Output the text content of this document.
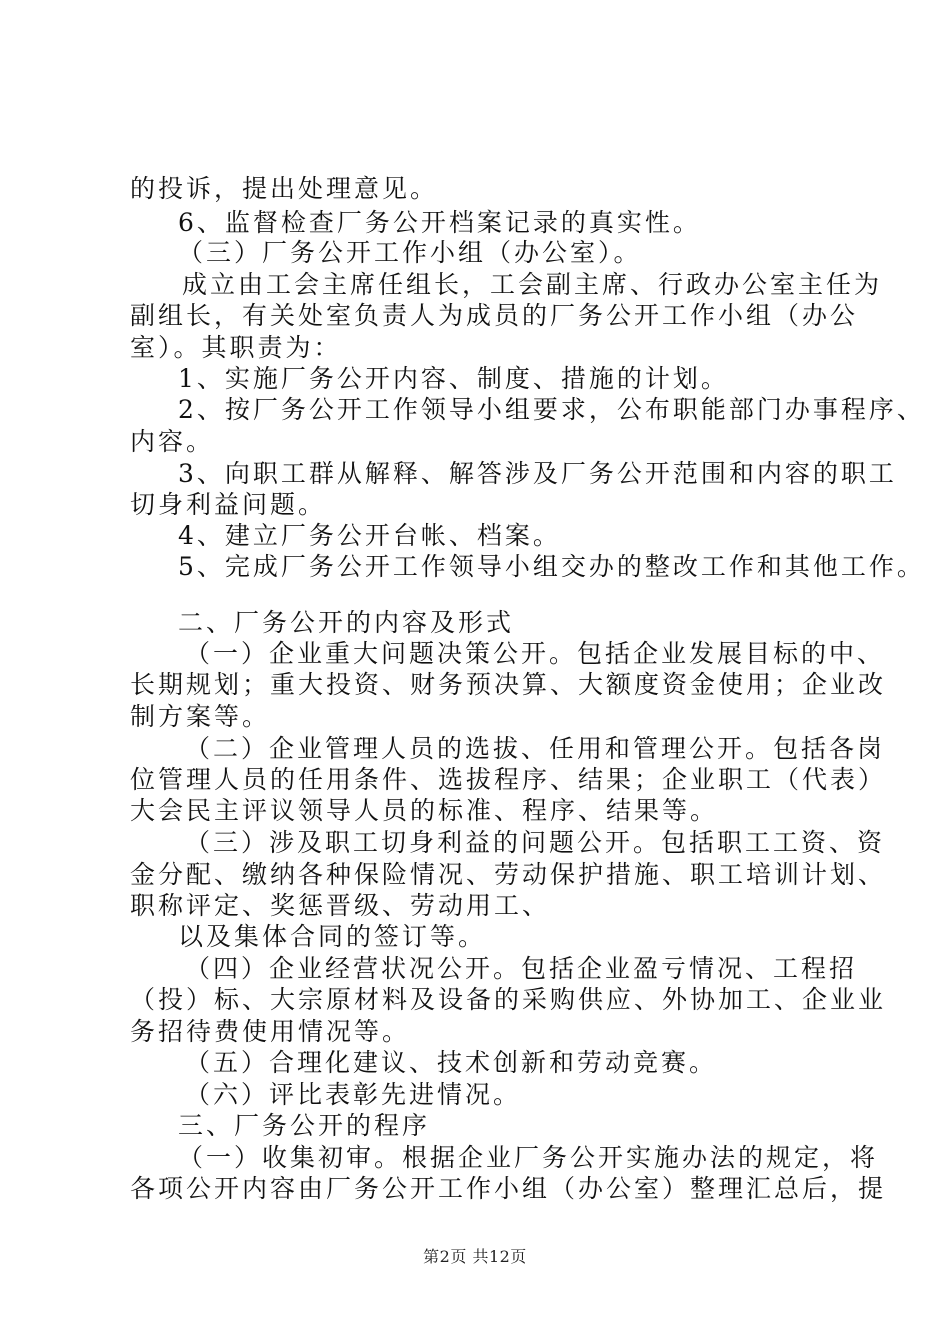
的投诉，提出处理意见。
6、监督检查厂务公开档案记录的真实性。
（三）厂务公开工作小组（办公室）。
成立由工会主席任组长，工会副主席、行政办公室主任为
副组长，有关处室负责人为成员的厂务公开工作小组（办公
室）。其职责为：
1、实施厂务公开内容、制度、措施的计划。
2、按厂务公开工作领导小组要求，公布职能部门办事程序、
内容。
3、向职工群从解释、解答涉及厂务公开范围和内容的职工
切身利益问题。
4、建立厂务公开台帐、档案。
5、完成厂务公开工作领导小组交办的整改工作和其他工作。
二、厂务公开的内容及形式
（一）企业重大问题决策公开。包括企业发展目标的中、
长期规划；重大投资、财务预决算、大额度资金使用；企业改
制方案等。
（二）企业管理人员的选拔、任用和管理公开。包括各岗
位管理人员的任用条件、选拔程序、结果；企业职工（代表）
大会民主评议领导人员的标准、程序、结果等。
（三）涉及职工切身利益的问题公开。包括职工工资、资
金分配、缴纳各种保险情况、劳动保护措施、职工培训计划、
职称评定、奖惩晋级、劳动用工、
以及集体合同的签订等。
（四）企业经营状况公开。包括企业盈亏情况、工程招
（投）标、大宗原材料及设备的采购供应、外协加工、企业业
务招待费使用情况等。
（五）合理化建议、技术创新和劳动竞赛。
（六）评比表彰先进情况。
三、厂务公开的程序
（一）收集初审。根据企业厂务公开实施办法的规定，将
各项公开内容由厂务公开工作小组（办公室）整理汇总后，提
第2页 共12页
